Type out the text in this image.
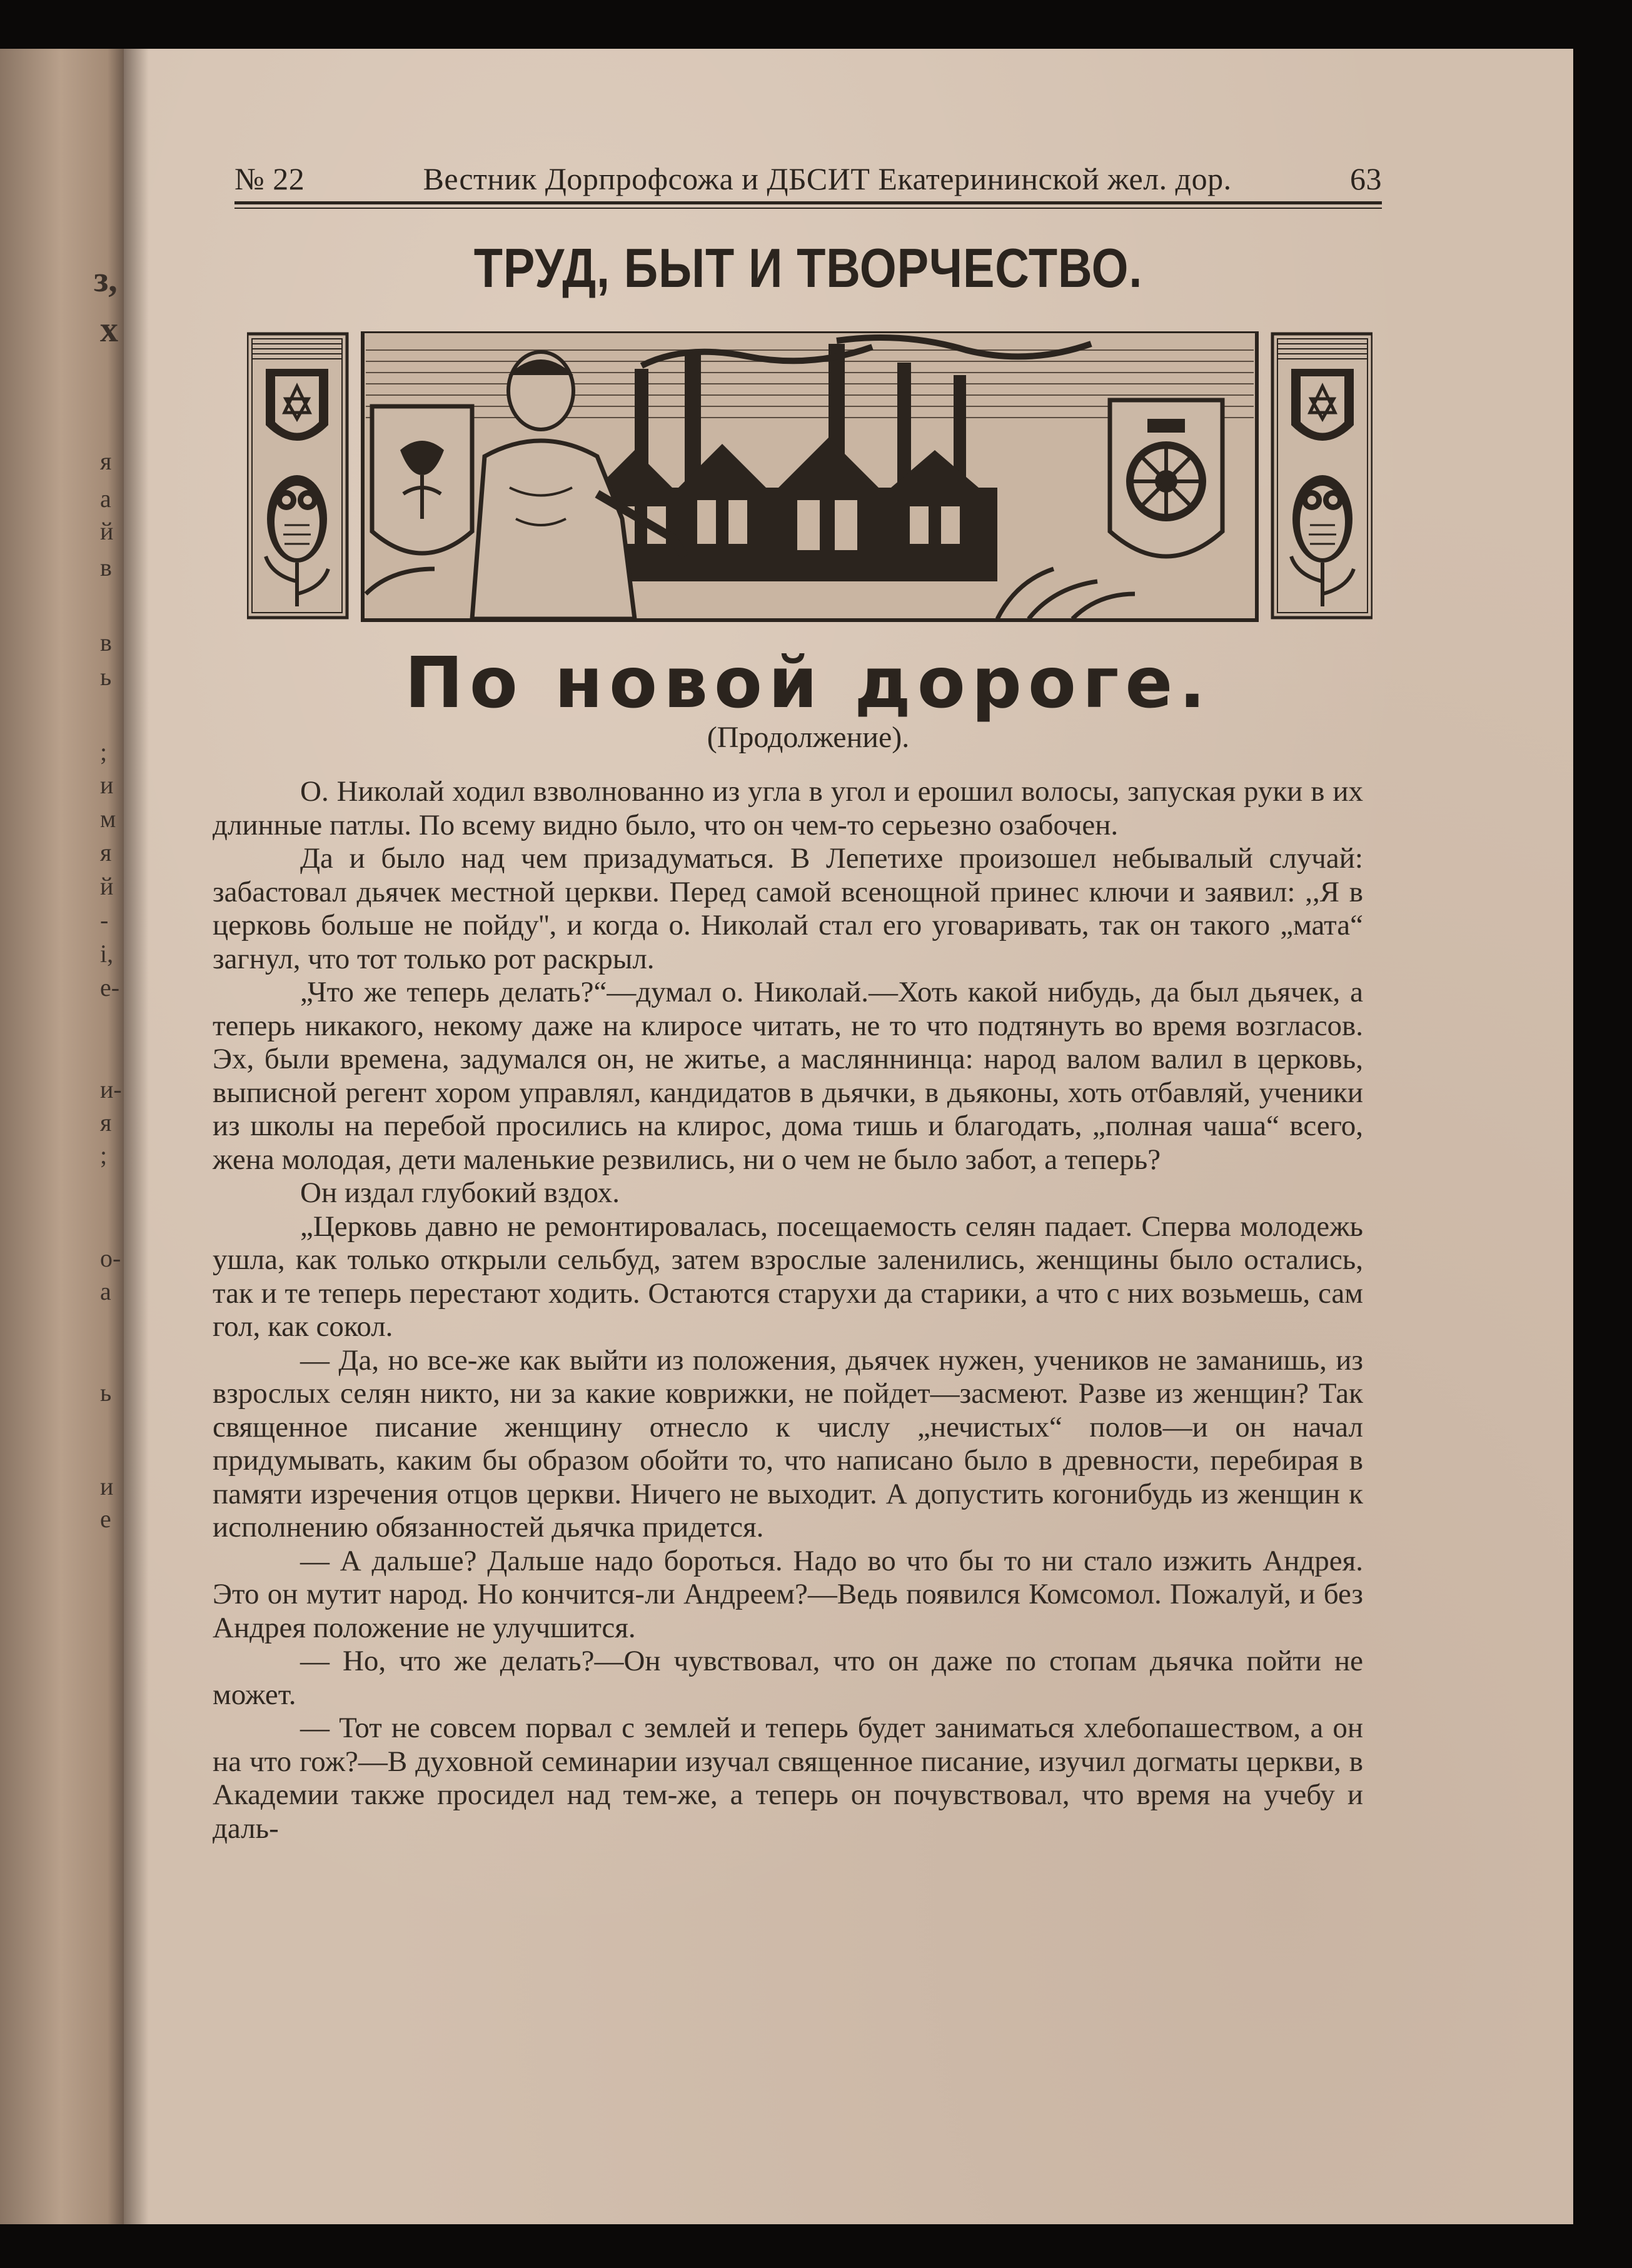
з,
х
я
а
й
в
в
ь
;
и
м
я
й
-
і,
е-
и-
я
;
о-
а
ь
и
е
№ 22	Вестник Дорпрофсожа и ДБСИТ Екатерининской жел. дор.	63
ТРУД, БЫТ И ТВОРЧЕСТВО.
По новой дороге.
(Продолжение).

О. Николай ходил взволнованно из угла в угол и ерошил волосы, запуская руки в их длинные патлы. По всему видно было, что он чем-то серьезно озабочен.

Да и было над чем призадуматься. В Лепетихе произошел небывалый случай: забастовал дьячек местной церкви. Перед самой всенощной принес ключи и заявил: ,,Я в церковь больше не пойду'', и когда о. Николай стал его уговаривать, так он такого „мата“ загнул, что тот только рот раскрыл.

„Что же теперь делать?“—думал о. Николай.—Хоть какой нибудь, да был дьячек, а теперь никакого, некому даже на клиросе читать, не то что подтянуть во время возгласов. Эх, были времена, задумался он, не житье, а масляннинца: народ валом валил в церковь, выписной регент хором управлял, кандидатов в дьячки, в дьяконы, хоть отбавляй, ученики из школы на перебой просились на клирос, дома тишь и благодать, „полная чаша“ всего, жена молодая, дети маленькие резвились, ни о чем не было забот, а теперь?

Он издал глубокий вздох.

„Церковь давно не ремонтировалась, посещаемость селян падает. Сперва молодежь ушла, как только открыли сельбуд, затем взрослые заленились, женщины было остались, так и те теперь перестают ходить. Остаются старухи да старики, а что с них возьмешь, сам гол, как сокол.

— Да, но все-же как выйти из положения, дьячек нужен, учеников не заманишь, из взрослых селян никто, ни за какие коврижки, не пойдет—засмеют. Разве из женщин? Так священное писание женщину отнесло к числу „нечистых“ полов—и он начал придумывать, каким бы образом обойти то, что написано было в древности, перебирая в памяти изречения отцов церкви. Ничего не выходит. А допустить когонибудь из женщин к исполнению обязанностей дьячка придется.

— А дальше? Дальше надо бороться. Надо во что бы то ни стало изжить Андрея. Это он мутит народ. Но кончится-ли Андреем?—Ведь появился Комсомол. Пожалуй, и без Андрея положение не улучшится.

— Но, что же делать?—Он чувствовал, что он даже по стопам дьячка пойти не может.

— Тот не совсем порвал с землей и теперь будет заниматься хлебопашеством, а он на что гож?—В духовной семинарии изучал священное писание, изучил догматы церкви, в Академии также просидел над тем-же, а теперь он почувствовал, что время на учебу и даль-
